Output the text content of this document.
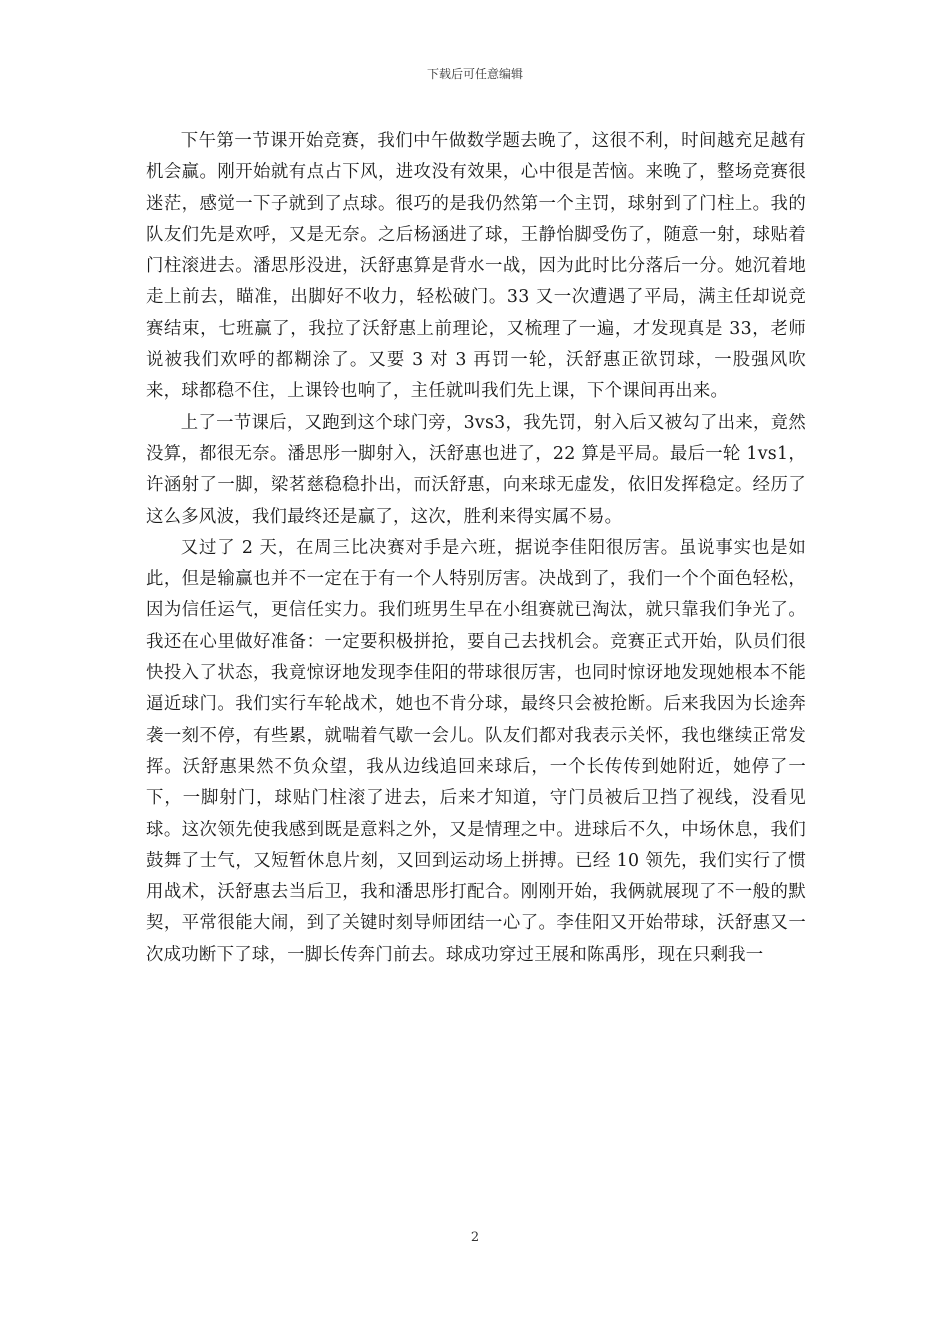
下载后可任意编辑

下午第一节课开始竞赛，我们中午做数学题去晚了，这很不利，时间越充足越有机会赢。刚开始就有点占下风，进攻没有效果，心中很是苦恼。来晚了，整场竞赛很迷茫，感觉一下子就到了点球。很巧的是我仍然第一个主罚，球射到了门柱上。我的队友们先是欢呼，又是无奈。之后杨涵进了球，王静怡脚受伤了，随意一射，球贴着门柱滚进去。潘思彤没进，沃舒惠算是背水一战，因为此时比分落后一分。她沉着地走上前去，瞄准，出脚好不收力，轻松破门。33 又一次遭遇了平局，满主任却说竞赛结束，七班赢了，我拉了沃舒惠上前理论，又梳理了一遍，才发现真是 33，老师说被我们欢呼的都糊涂了。又要 3 对 3 再罚一轮，沃舒惠正欲罚球，一股强风吹来，球都稳不住，上课铃也响了，主任就叫我们先上课，下个课间再出来。

上了一节课后，又跑到这个球门旁，3vs3，我先罚，射入后又被勾了出来，竟然没算，都很无奈。潘思彤一脚射入，沃舒惠也进了，22 算是平局。最后一轮 1vs1，许涵射了一脚，梁茗慈稳稳扑出，而沃舒惠，向来球无虚发，依旧发挥稳定。经历了这么多风波，我们最终还是赢了，这次，胜利来得实属不易。

又过了 2 天，在周三比决赛对手是六班，据说李佳阳很厉害。虽说事实也是如此，但是输赢也并不一定在于有一个人特别厉害。决战到了，我们一个个面色轻松，因为信任运气，更信任实力。我们班男生早在小组赛就已淘汰，就只靠我们争光了。我还在心里做好准备：一定要积极拼抢，要自己去找机会。竞赛正式开始，队员们很快投入了状态，我竟惊讶地发现李佳阳的带球很厉害，也同时惊讶地发现她根本不能逼近球门。我们实行车轮战术，她也不肯分球，最终只会被抢断。后来我因为长途奔袭一刻不停，有些累，就喘着气歇一会儿。队友们都对我表示关怀，我也继续正常发挥。沃舒惠果然不负众望，我从边线追回来球后，一个长传传到她附近，她停了一下，一脚射门，球贴门柱滚了进去，后来才知道，守门员被后卫挡了视线，没看见球。这次领先使我感到既是意料之外，又是情理之中。进球后不久，中场休息，我们鼓舞了士气，又短暂休息片刻，又回到运动场上拼搏。已经 10 领先，我们实行了惯用战术，沃舒惠去当后卫，我和潘思彤打配合。刚刚开始，我俩就展现了不一般的默契，平常很能大闹，到了关键时刻导师团结一心了。李佳阳又开始带球，沃舒惠又一次成功断下了球，一脚长传奔门前去。球成功穿过王展和陈禹彤，现在只剩我一

2
